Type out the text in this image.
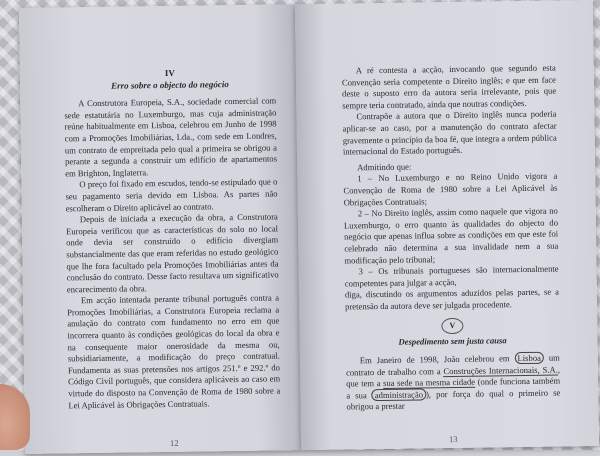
IV

Erro sobre o objecto do negócio

A Construtora Europeia, S.A., sociedade comercial com sede estatutária no Luxemburgo, mas cuja administração reúne habitualmente em Lisboa, celebrou em Junho de 1998 com a Promoções Imobiliárias, Lda., com sede em Londres, um contrato de empreitada pelo qual a primeira se obrigou a perante a segunda a construir um edifício de apartamentos em Brighton, Inglaterra.

O preço foi fixado em escudos, tendo-se estipulado que o seu pagamento seria devido em Lisboa. As partes não escolheram o Direito aplicável ao contrato.

Depois de iniciada a execução da obra, a Construtora Europeia verificou que as características do solo no local onde devia ser construído o edifício divergiam substancialmente das que eram referidas no estudo geológico que lhe fora facultado pela Promoções Imobiliárias antes da conclusão do contrato. Desse facto resultava um significativo encarecimento da obra.

Em acção intentada perante tribunal português contra a Promoções Imobiliárias, a Construtora Europeia reclama a anulação do contrato com fundamento no erro em que incorrera quanto às condições geológicas do local da obra e na consequente maior onerosidade da mesma ou, subsidiariamente, a modificação do preço contratual. Fundamenta as suas pretensões nos artigos 251.º e 292.º do Código Civil português, que considera aplicáveis ao caso em virtude do disposto na Convenção de Roma de 1980 sobre a Lei Aplicável às Obrigações Contratuais.

12

A ré contesta a acção, invocando que segundo esta Convenção seria competente o Direito inglês; e que em face deste o suposto erro da autora seria irrelevante, pois que sempre teria contratado, ainda que noutras condições.

Contrapõe a autora que o Direito inglês nunca poderia aplicar-se ao caso, por a manutenção do contrato afectar gravemente o princípio da boa fé, que integra a ordem pública internacional do Estado português.

Admitindo que:

1 – No Luxemburgo e no Reino Unido vigora a Convenção de Roma de 1980 sobre a Lei Aplicável às Obrigações Contratuais;

2 – No Direito inglês, assim como naquele que vigora no Luxemburgo, o erro quanto às qualidades do objecto do negócio que apenas influa sobre as condições em que este foi celebrado não determina a sua invalidade nem a sua modificação pelo tribunal;

3 – Os tribunais portugueses são internacionalmente competentes para julgar a acção,

diga, discutindo os argumentos aduzidos pelas partes, se a pretensão da autora deve ser julgada procedente.

V

Despedimento sem justa causa

Em Janeiro de 1998, João celebrou em Lisboa um contrato de trabalho com a Construções Internacionais, S.A., que tem a sua sede na mesma cidade (onde funciona também a sua administração ), por força do qual o primeiro se obrigou a prestar

13
